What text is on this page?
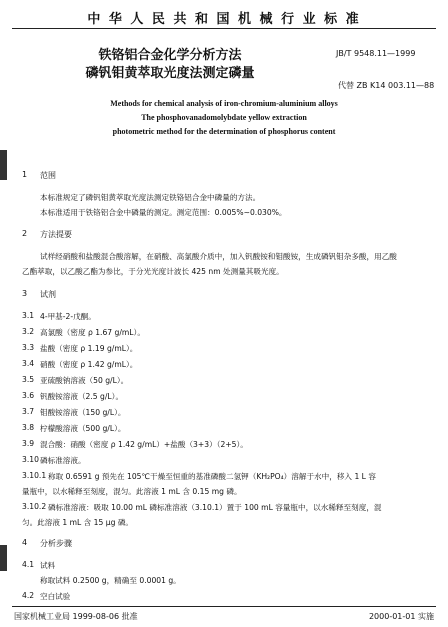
中 华 人 民 共 和 国 机 械 行 业 标 准
铁铬铝合金化学分析方法
磷钒钼黄萃取光度法测定磷量
JB/T 9548.11—1999
代替 ZB K14 003.11—88
Methods for chemical analysis of iron-chromium-aluminium alloys
The phosphovanadomolybdate yellow extraction
photometric method for the determination of phosphorus content
1 范围
本标准规定了磷钒钼黄萃取光度法测定铁铬铝合金中磷量的方法。
本标准适用于铁铬铝合金中磷量的测定。测定范围：0.005%~0.030%。
2 方法提要
试样经硝酸和盐酸混合酸溶解，在硝酸、高氯酸介质中，加入钒酸铵和钼酸铵，生成磷钒钼杂多酸，用乙酸
乙酯萃取，以乙酸乙酯为参比，于分光光度计波长 425 nm 处测量其吸光度。
3 试剂
3.1 4-甲基-2-戊酮。
3.2 高氯酸（密度 ρ 1.67 g/mL）。
3.3 盐酸（密度 ρ 1.19 g/mL）。
3.4 硝酸（密度 ρ 1.42 g/mL）。
3.5 亚硫酸钠溶液（50 g/L）。
3.6 钒酸铵溶液（2.5 g/L）。
3.7 钼酸铵溶液（150 g/L）。
3.8 柠檬酸溶液（500 g/L）。
3.9 混合酸：硝酸（密度 ρ 1.42 g/mL）+盐酸（3+3）（2+5）。
3.10 磷标准溶液。
3.10.1 称取 0.6591 g 预先在 105℃干燥至恒重的基准磷酸二氢钾（KH₂PO₄）溶解于水中，移入 1 L 容
量瓶中，以水稀释至刻度，混匀。此溶液 1 mL 含 0.15 mg 磷。
3.10.2 磷标准溶液：吸取 10.00 mL 磷标准溶液（3.10.1）置于 100 mL 容量瓶中，以水稀释至刻度，混
匀。此溶液 1 mL 含 15 μg 磷。
4 分析步骤
4.1 试料
称取试料 0.2500 g，精确至 0.0001 g。
4.2 空白试验
国家机械工业局 1999-08-06 批准	2000-01-01 实施
